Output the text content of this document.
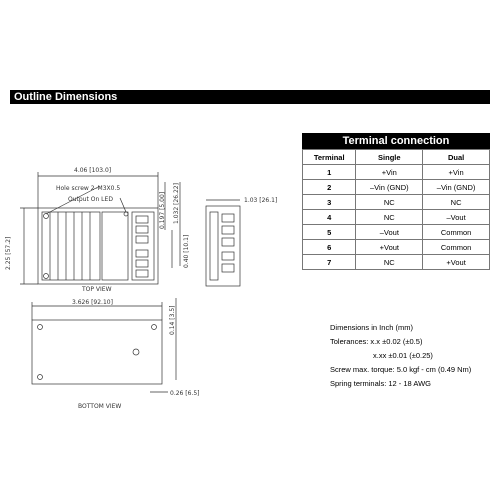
Outline Dimensions
Terminal connection
Terminal	Single	Dual
1	+Vin	+Vin
2	–Vin (GND)	–Vin (GND)
3	NC	NC
4	NC	–Vout
5	–Vout	Common
6	+Vout	Common
7	NC	+Vout
4.06 [103.0]
Hole screw 2–M3X0.5
Output On LED
2.25 [57.2]
0.197 [5.00] 1.032 [26.22]
0.40 [10.1]
1.03 [26.1]
TOP VIEW
3.626 [92.10]
0.14 [3.5]
0.26 [6.5]
BOTTOM VIEW
Dimensions in Inch (mm)
Tolerances: x.x ±0.02 (±0.5)
x.xx ±0.01 (±0.25)
Screw max. torque: 5.0 kgf - cm (0.49 Nm)
Spring terminals: 12 - 18 AWG
